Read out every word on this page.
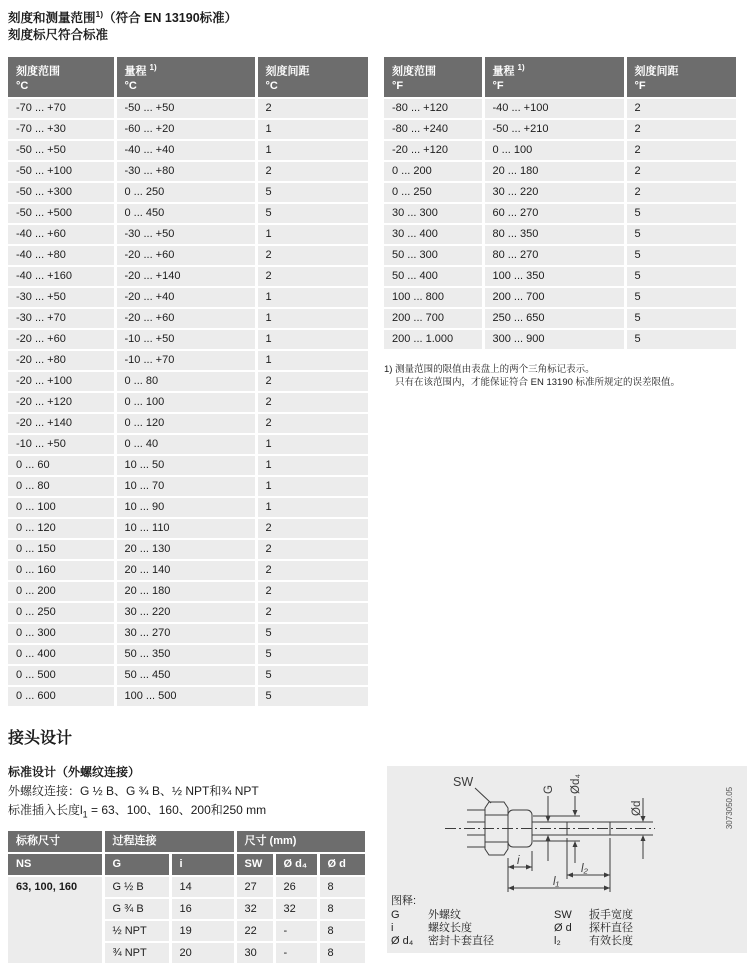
刻度和测量范围$^{1)}$（符合 EN 13190标准）
刻度标尺符合标准
刻度范围
°C	量程 $^{1)}$
°C	刻度间距
°C
-70 ... +70	-50 ... +50	2
-70 ... +30	-60 ... +20	1
-50 ... +50	-40 ... +40	1
-50 ... +100	-30 ... +80	2
-50 ... +300	0 ... 250	5
-50 ... +500	0 ... 450	5
-40 ... +60	-30 ... +50	1
-40 ... +80	-20 ... +60	2
-40 ... +160	-20 ... +140	2
-30 ... +50	-20 ... +40	1
-30 ... +70	-20 ... +60	1
-20 ... +60	-10 ... +50	1
-20 ... +80	-10 ... +70	1
-20 ... +100	0 ... 80	2
-20 ... +120	0 ... 100	2
-20 ... +140	0 ... 120	2
-10 ... +50	0 ... 40	1
0 ... 60	10 ... 50	1
0 ... 80	10 ... 70	1
0 ... 100	10 ... 90	1
0 ... 120	10 ... 110	2
0 ... 150	20 ... 130	2
0 ... 160	20 ... 140	2
0 ... 200	20 ... 180	2
0 ... 250	30 ... 220	2
0 ... 300	30 ... 270	5
0 ... 400	50 ... 350	5
0 ... 500	50 ... 450	5
0 ... 600	100 ... 500	5
刻度范围
°F	量程 $^{1)}$
°F	刻度间距
°F
-80 ... +120	-40 ... +100	2
-80 ... +240	-50 ... +210	2
-20 ... +120	0 ... 100	2
0 ... 200	20 ... 180	2
0 ... 250	30 ... 220	2
30 ... 300	60 ... 270	5
30 ... 400	80 ... 350	5
50 ... 300	80 ... 270	5
50 ... 400	100 ... 350	5
100 ... 800	200 ... 700	5
200 ... 700	250 ... 650	5
200 ... 1.000	300 ... 900	5
1) 测量范围的限值由表盘上的两个三角标记表示。
只有在该范围内，才能保证符合 EN 13190 标准所规定的误差限值。
接头设计
标准设计（外螺纹连接）
外螺纹连接：G ½ B、G ¾ B、½ NPT和¾ NPT
标准插入长度$l_1 = 63$、100、160、200和250 mm
标称尺寸	过程连接		尺寸 (mm)		
NS	G	i	SW	Ø d₄	Ø d
63, 100, 160	G ½ B	14	27	26	8
	G ¾ B	16	32	32	8
	½ NPT	19	22	-	8
	¾ NPT	20	30	-	8
SW
G Ød₄
Ød
i
l₂
l₁
3073050.05
图释:
G	外螺纹	SW	扳手宽度
i	螺纹长度	Ø d	探杆直径
Ø d₄	密封卡套直径	l₂	有效长度
